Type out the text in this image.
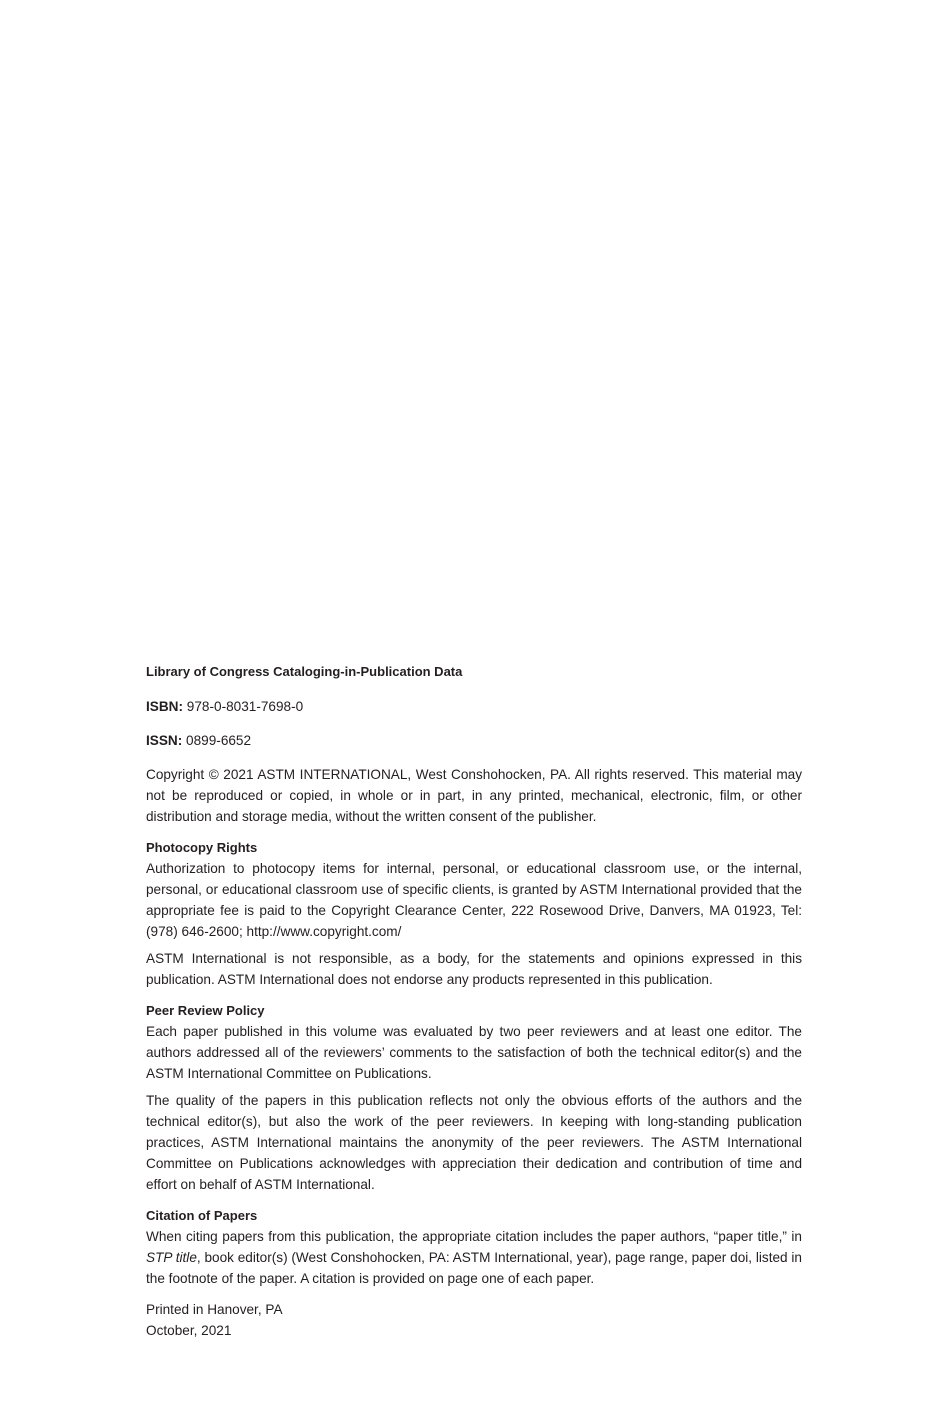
Library of Congress Cataloging-in-Publication Data

ISBN: 978-0-8031-7698-0

ISSN: 0899-6652

Copyright © 2021 ASTM INTERNATIONAL, West Conshohocken, PA. All rights reserved. This material may not be reproduced or copied, in whole or in part, in any printed, mechanical, electronic, film, or other distribution and storage media, without the written consent of the publisher.

Photocopy Rights

Authorization to photocopy items for internal, personal, or educational classroom use, or the internal, personal, or educational classroom use of specific clients, is granted by ASTM International provided that the appropriate fee is paid to the Copyright Clearance Center, 222 Rosewood Drive, Danvers, MA 01923, Tel: (978) 646-2600; http://www.copyright.com/

ASTM International is not responsible, as a body, for the statements and opinions expressed in this publication. ASTM International does not endorse any products represented in this publication.

Peer Review Policy

Each paper published in this volume was evaluated by two peer reviewers and at least one editor. The authors addressed all of the reviewers’ comments to the satisfaction of both the technical editor(s) and the ASTM International Committee on Publications.

The quality of the papers in this publication reflects not only the obvious efforts of the authors and the technical editor(s), but also the work of the peer reviewers. In keeping with long-standing publication practices, ASTM International maintains the anonymity of the peer reviewers. The ASTM International Committee on Publications acknowledges with appreciation their dedication and contribution of time and effort on behalf of ASTM International.

Citation of Papers

When citing papers from this publication, the appropriate citation includes the paper authors, “paper title,” in STP title, book editor(s) (West Conshohocken, PA: ASTM International, year), page range, paper doi, listed in the footnote of the paper. A citation is provided on page one of each paper.

Printed in Hanover, PA

October, 2021
